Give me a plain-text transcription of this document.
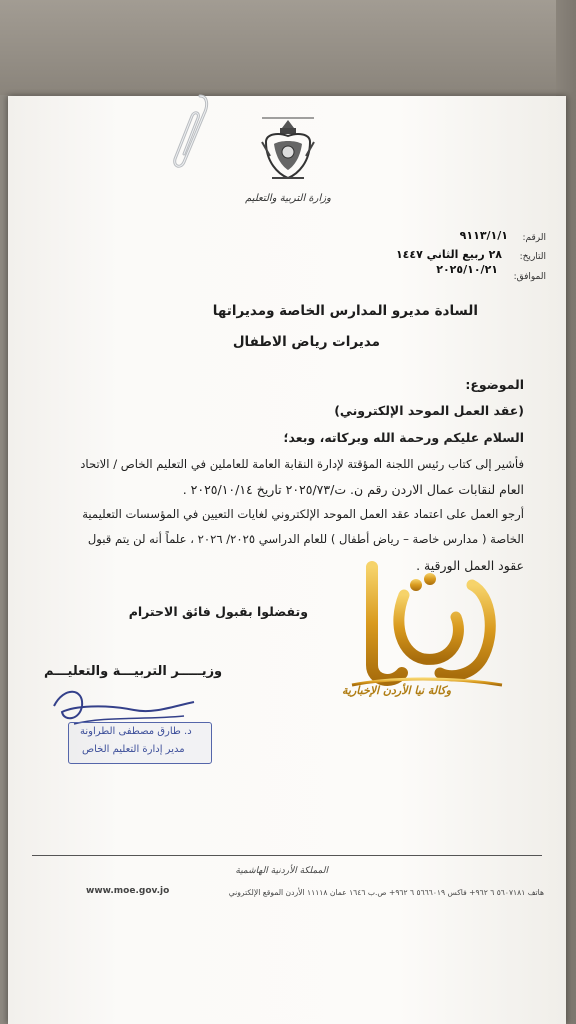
وزارة التربية والتعليم
الرقم:
٩١١٣/١/١
التاريخ:
٢٨ ربيع الثاني ١٤٤٧
٢٠٢٥/١٠/٢١
الموافق:
السادة مديرو المدارس الخاصة ومديراتها
مديرات رياض الاطفال
الموضوع:
(عقد العمل الموحد الإلكتروني)
السلام عليكم ورحمة الله وبركاته، وبعد؛
فأشير إلى كتاب رئيس اللجنة المؤقتة لإدارة النقابة العامة للعاملين في التعليم الخاص / الاتحاد
العام لنقابات عمال الاردن رقم ن. ت/٢٠٢٥/٧٣ تاريخ ٢٠٢٥/١٠/١٤ .
أرجو العمل على اعتماد عقد العمل الموحد الإلكتروني لغايات التعيين في المؤسسات التعليمية
الخاصة ( مدارس خاصة – رياض أطفال ) للعام الدراسي ٢٠٢٥/ ٢٠٢٦ ، علماً أنه لن يتم قبول
عقود العمل الورقية .
وتفضلوا بقبول فائق الاحترام
وزيـــــر التربيـــة والتعليـــم
د. طارق مصطفى الطراونة
مدير إدارة التعليم الخاص
وكالة نيا الأردن الإخبارية
المملكة الأردنية الهاشمية
هاتف ٥٦٠٧١٨١ ٦ ٩٦٢+ فاكس ٥٦٦٦٠١٩ ٦ ٩٦٢+ ص.ب ١٦٤٦ عمان ١١١١٨ الأردن الموقع الإلكتروني
www.moe.gov.jo
